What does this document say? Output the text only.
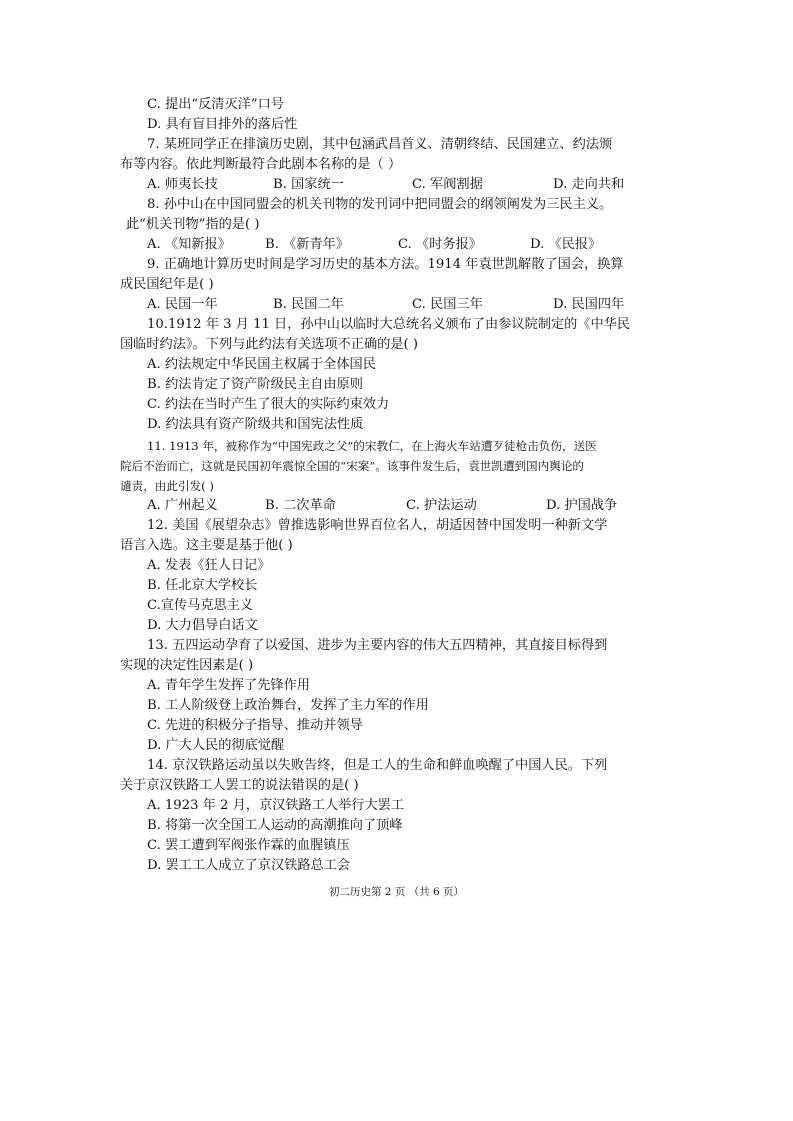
C. 提出“反清灭洋”口号
D. 具有盲目排外的落后性
7. 某班同学正在排演历史剧，其中包涵武昌首义、清朝终结、民国建立、约法颁
布等内容。依此判断最符合此剧本名称的是（ ）
A. 师夷长技	B. 国家统一	C. 军阀割据	D. 走向共和
8. 孙中山在中国同盟会的机关刊物的发刊词中把同盟会的纲领阐发为三民主义。
此“机关刊物”指的是( )
A. 《知新报》	B. 《新青年》	C. 《时务报》	D. 《民报》
9. 正确地计算历史时间是学习历史的基本方法。1914 年袁世凯解散了国会，换算
成民国纪年是( )
A. 民国一年	B. 民国二年	C. 民国三年	D. 民国四年
10.1912 年 3 月 11 日，孙中山以临时大总统名义颁布了由参议院制定的《中华民
国临时约法》。下列与此约法有关选项不正确的是( )
A. 约法规定中华民国主权属于全体国民
B. 约法肯定了资产阶级民主自由原则
C. 约法在当时产生了很大的实际约束效力
D. 约法具有资产阶级共和国宪法性质
11. 1913 年，被称作为“中国宪政之父”的宋教仁，在上海火车站遭歹徒枪击负伤，送医
院后不治而亡，这就是民国初年震惊全国的“宋案”。该事件发生后，袁世凯遭到国内舆论的
谴责，由此引发( )
A. 广州起义	B. 二次革命	C. 护法运动	D. 护国战争
12. 美国《展望杂志》曾推选影响世界百位名人，胡适因替中国发明一种新文学
语言入选。这主要是基于他( )
A. 发表《狂人日记》
B. 任北京大学校长
C.宣传马克思主义
D. 大力倡导白话文
13. 五四运动孕育了以爱国、进步为主要内容的伟大五四精神，其直接目标得到
实现的决定性因素是( )
A. 青年学生发挥了先锋作用
B. 工人阶级登上政治舞台，发挥了主力军的作用
C. 先进的积极分子指导、推动并领导
D. 广大人民的彻底觉醒
14. 京汉铁路运动虽以失败告终，但是工人的生命和鲜血唤醒了中国人民。下列
关于京汉铁路工人罢工的说法错误的是( )
A. 1923 年 2 月，京汉铁路工人举行大罢工
B. 将第一次全国工人运动的高潮推向了顶峰
C. 罢工遭到军阀张作霖的血腥镇压
D. 罢工工人成立了京汉铁路总工会
初二历史第 2 页 （共 6 页）
